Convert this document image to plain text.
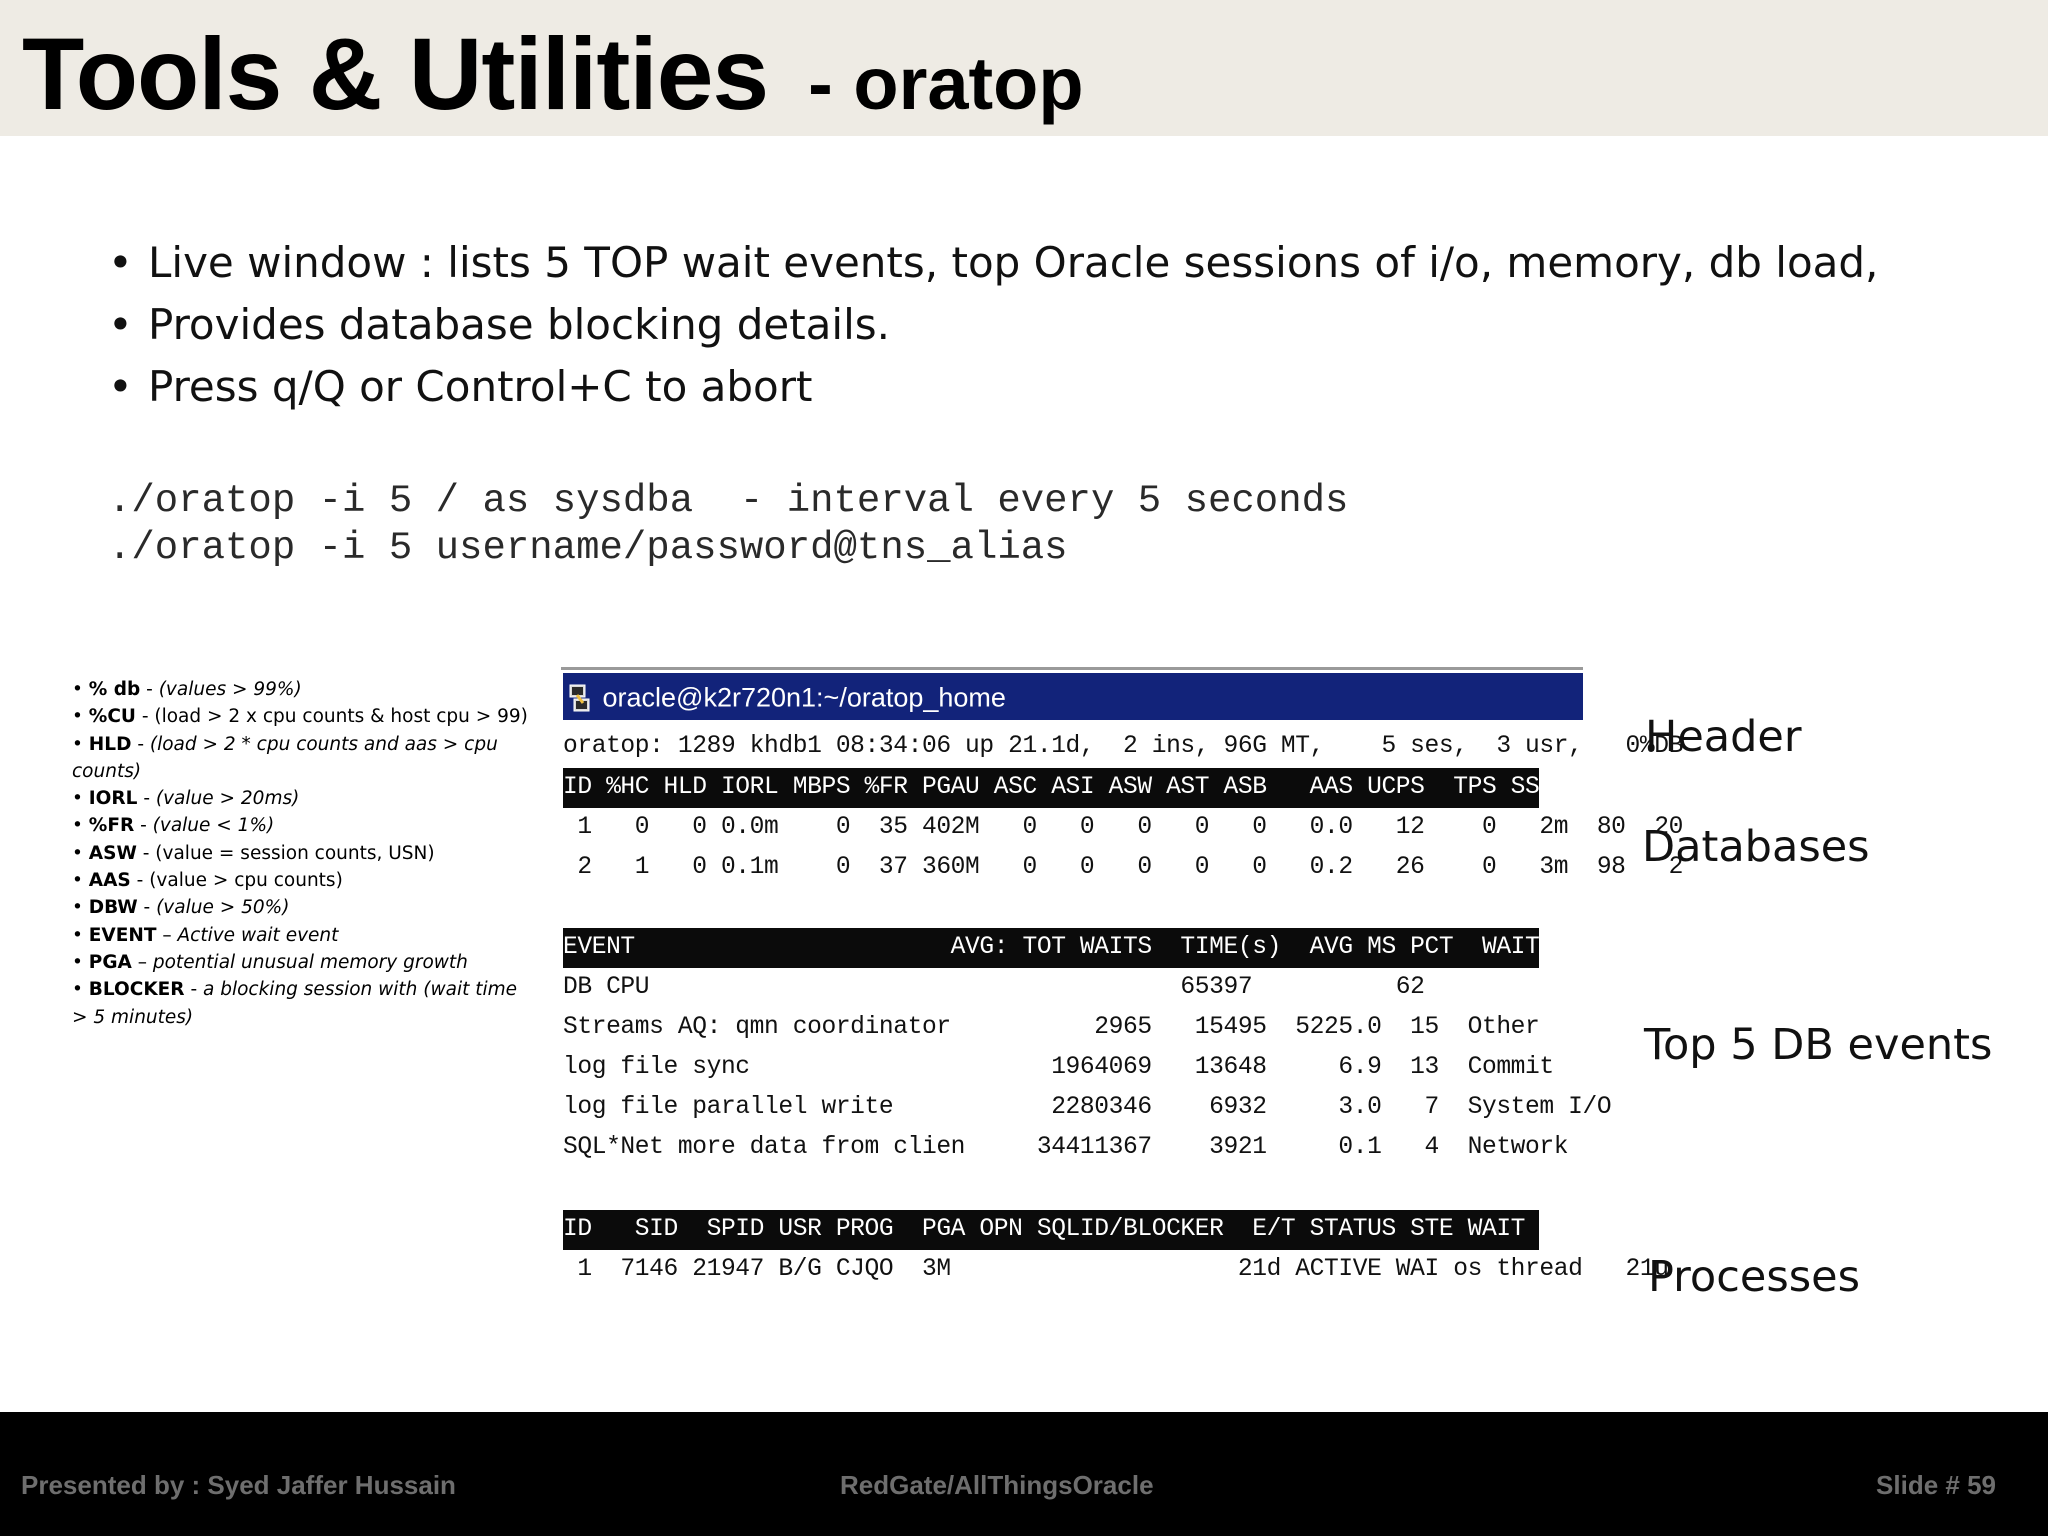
Tools & Utilities - oratop
• Live window : lists 5 TOP wait events, top Oracle sessions of i/o, memory, db load,
• Provides database blocking details.
• Press q/Q or Control+C to abort
./oratop -i 5 / as sysdba  - interval every 5 seconds
./oratop -i 5 username/password@tns_alias

• % db - (values > 99%)

• %CU - (load > 2 x cpu counts & host cpu > 99)

• HLD - (load > 2 * cpu counts and aas > cpu counts)

• IORL - (value > 20ms)

• %FR - (value < 1%)

• ASW - (value = session counts, USN)

• AAS - (value > cpu counts)

• DBW - (value > 50%)

• EVENT – Active wait event

• PGA – potential unusual memory growth

• BLOCKER - a blocking session with (wait time > 5 minutes)

oracle@k2r720n1:~/oratop_home
oratop: 1289 khdb1 08:34:06 up 21.1d,  2 ins, 96G MT,    5 ses,  3 usr,   0%DB
ID %HC HLD IORL MBPS %FR PGAU ASC ASI ASW AST ASB   AAS UCPS  TPS SSRT DBC DBW
1   0   0 0.0m    0  35 402M   0   0   0   0   0   0.0   12    0   2m  80  20
2   1   0 0.1m    0  37 360M   0   0   0   0   0   0.2   26    0   3m  98   2
EVENT                      AVG: TOT WAITS  TIME(s)  AVG MS PCT  WAIT CLASS
DB CPU                                     65397          62
Streams AQ: qmn coordinator          2965   15495  5225.0  15  Other
log file sync                     1964069   13648     6.9  13  Commit
log file parallel write           2280346    6932     3.0   7  System I/O
SQL*Net more data from clien     34411367    3921     0.1   4  Network
ID   SID  SPID USR PROG  PGA OPN SQLID/BLOCKER  E/T STATUS STE WAIT EVENT  W/T
1  7146 21947 B/G CJQO  3M                    21d ACTIVE WAI os thread   21u
Header
Databases
Top 5 DB events
Processes
Presented by : Syed Jaffer Hussain	RedGate/AllThingsOracle	Slide # 59
